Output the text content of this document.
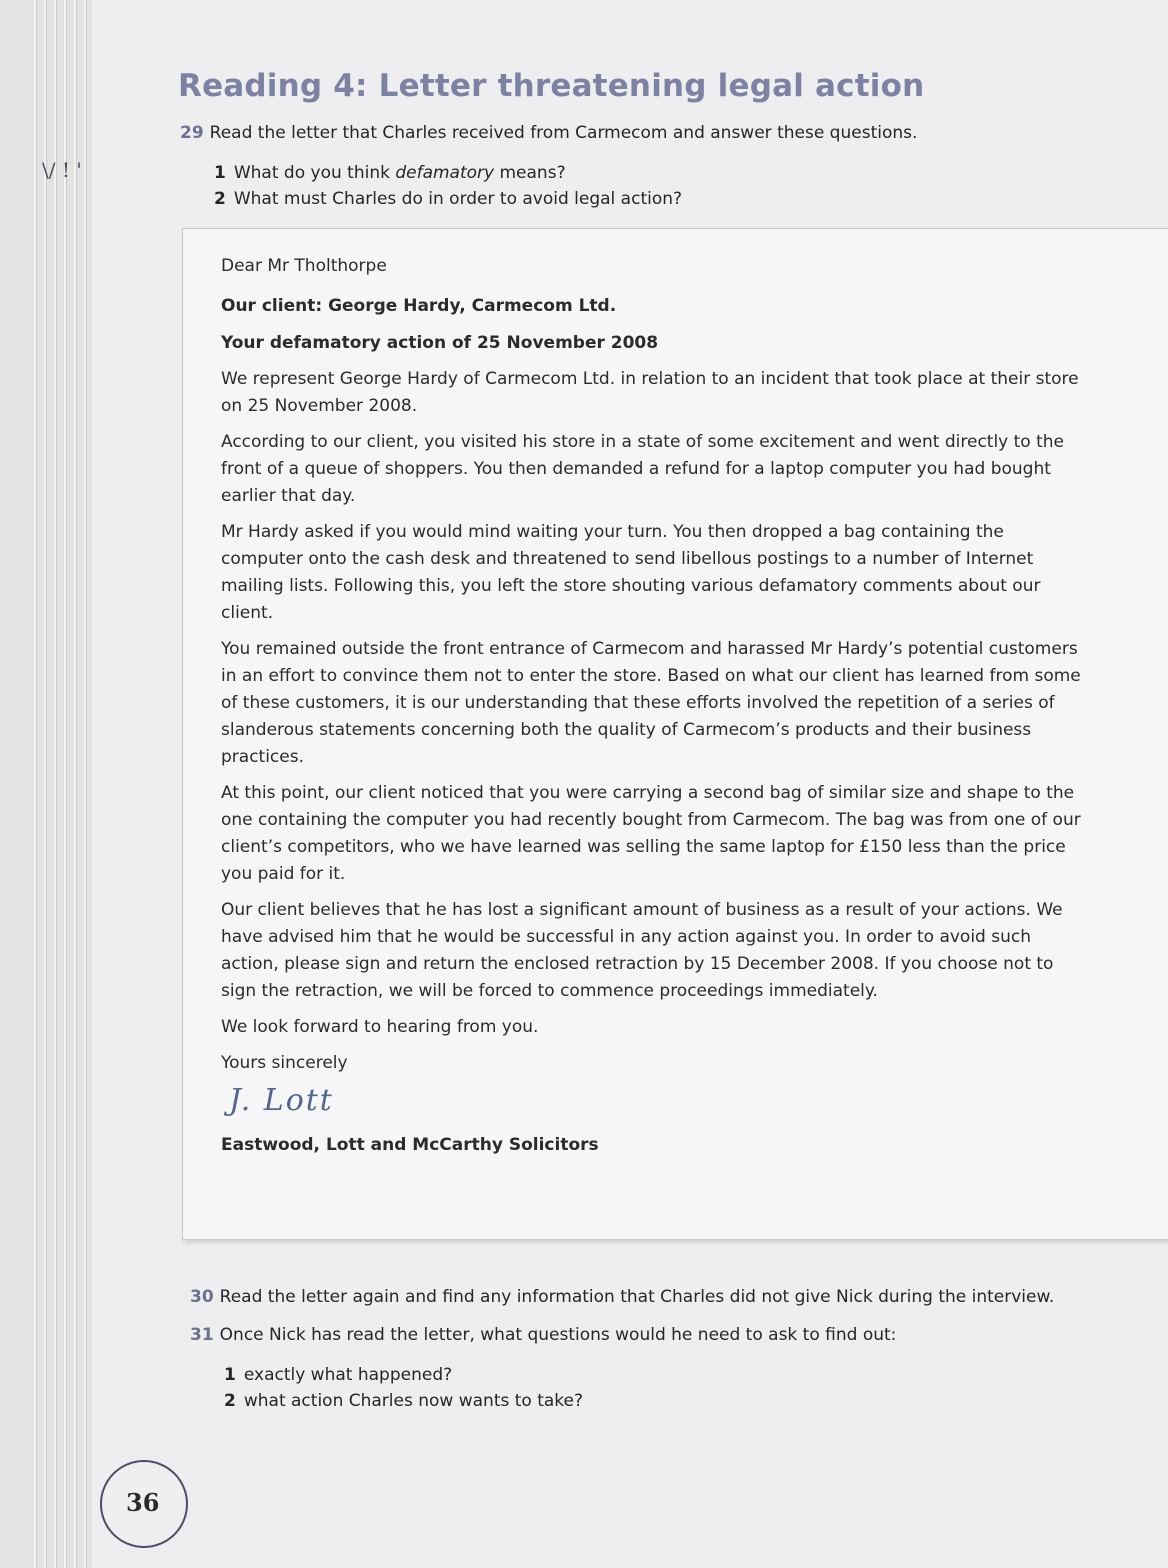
\/ ! '
Reading 4: Letter threatening legal action
29 Read the letter that Charles received from Carmecom and answer these questions.
1 What do you think defamatory means?
2 What must Charles do in order to avoid legal action?

Dear Mr Tholthorpe

Our client: George Hardy, Carmecom Ltd.

Your defamatory action of 25 November 2008

We represent George Hardy of Carmecom Ltd. in relation to an incident that took place at their store on 25 November 2008.

According to our client, you visited his store in a state of some excitement and went directly to the front of a queue of shoppers. You then demanded a refund for a laptop computer you had bought earlier that day.

Mr Hardy asked if you would mind waiting your turn. You then dropped a bag containing the computer onto the cash desk and threatened to send libellous postings to a number of Internet mailing lists. Following this, you left the store shouting various defamatory comments about our client.

You remained outside the front entrance of Carmecom and harassed Mr Hardy’s potential customers in an effort to convince them not to enter the store. Based on what our client has learned from some of these customers, it is our understanding that these efforts involved the repetition of a series of slanderous statements concerning both the quality of Carmecom’s products and their business practices.

At this point, our client noticed that you were carrying a second bag of similar size and shape to the one containing the computer you had recently bought from Carmecom. The bag was from one of our client’s competitors, who we have learned was selling the same laptop for £150 less than the price you paid for it.

Our client believes that he has lost a significant amount of business as a result of your actions. We have advised him that he would be successful in any action against you. In order to avoid such action, please sign and return the enclosed retraction by 15 December 2008. If you choose not to sign the retraction, we will be forced to commence proceedings immediately.

We look forward to hearing from you.

Yours sincerely

J. Lott

Eastwood, Lott and McCarthy Solicitors

30 Read the letter again and find any information that Charles did not give Nick during the interview.
31 Once Nick has read the letter, what questions would he need to ask to find out:
1 exactly what happened?
2 what action Charles now wants to take?
36
